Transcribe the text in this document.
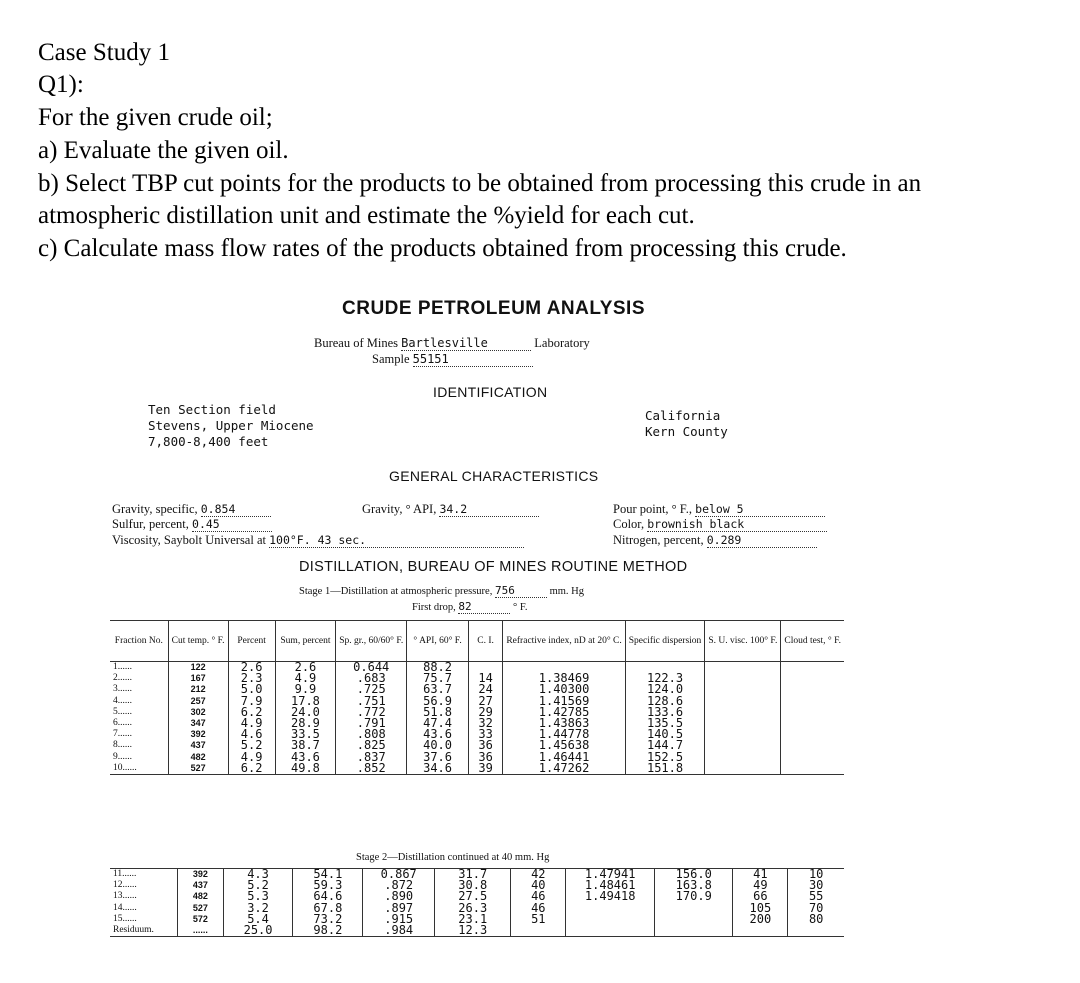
Case Study 1
Q1):
For the given crude oil;
a) Evaluate the given oil.
b) Select TBP cut points for the products to be obtained from processing this crude in an
atmospheric distillation unit and estimate the %yield for each cut.
c) Calculate mass flow rates of the products obtained from processing this crude.
CRUDE PETROLEUM ANALYSIS
Bureau of Mines Bartlesville	Laboratory
Sample 55151
IDENTIFICATION
Ten Section field
Stevens, Upper Miocene
7,800-8,400 feet
California
Kern County
GENERAL CHARACTERISTICS
Gravity, specific, 0.854	Gravity, ° API, 34.2	Pour point, ° F., below 5
Sulfur, percent, 0.45	Color, brownish black
Viscosity, Saybolt Universal at 100°F. 43 sec.	Nitrogen, percent, 0.289
DISTILLATION, BUREAU OF MINES ROUTINE METHOD
Stage 1—Distillation at atmospheric pressure, 756	mm. Hg
First drop, 82	° F.
Fraction No.	Cut temp. ° F.	Percent	Sum, percent	Sp. gr., 60/60° F.	° API, 60° F.	C. I.	Refractive index, nD at 20° C.	Specific dispersion	S. U. visc. 100° F.	Cloud test, ° F.
1......	122	2.6	2.6	0.644	88.2					
2......	167	2.3	4.9	.683	75.7	14	1.38469	122.3		
3......	212	5.0	9.9	.725	63.7	24	1.40300	124.0		
4......	257	7.9	17.8	.751	56.9	27	1.41569	128.6		
5......	302	6.2	24.0	.772	51.8	29	1.42785	133.6		
6......	347	4.9	28.9	.791	47.4	32	1.43863	135.5		
7......	392	4.6	33.5	.808	43.6	33	1.44778	140.5		
8......	437	5.2	38.7	.825	40.0	36	1.45638	144.7		
9......	482	4.9	43.6	.837	37.6	36	1.46441	152.5		
10......	527	6.2	49.8	.852	34.6	39	1.47262	151.8		
Stage 2—Distillation continued at 40 mm. Hg
11......	392	4.3	54.1	0.867	31.7	42	1.47941	156.0	41	10
12......	437	5.2	59.3	.872	30.8	40	1.48461	163.8	49	30
13......	482	5.3	64.6	.890	27.5	46	1.49418	170.9	66	55
14......	527	3.2	67.8	.897	26.3	46			105	70
15......	572	5.4	73.2	.915	23.1	51			200	80
Residuum.	......	25.0	98.2	.984	12.3					
